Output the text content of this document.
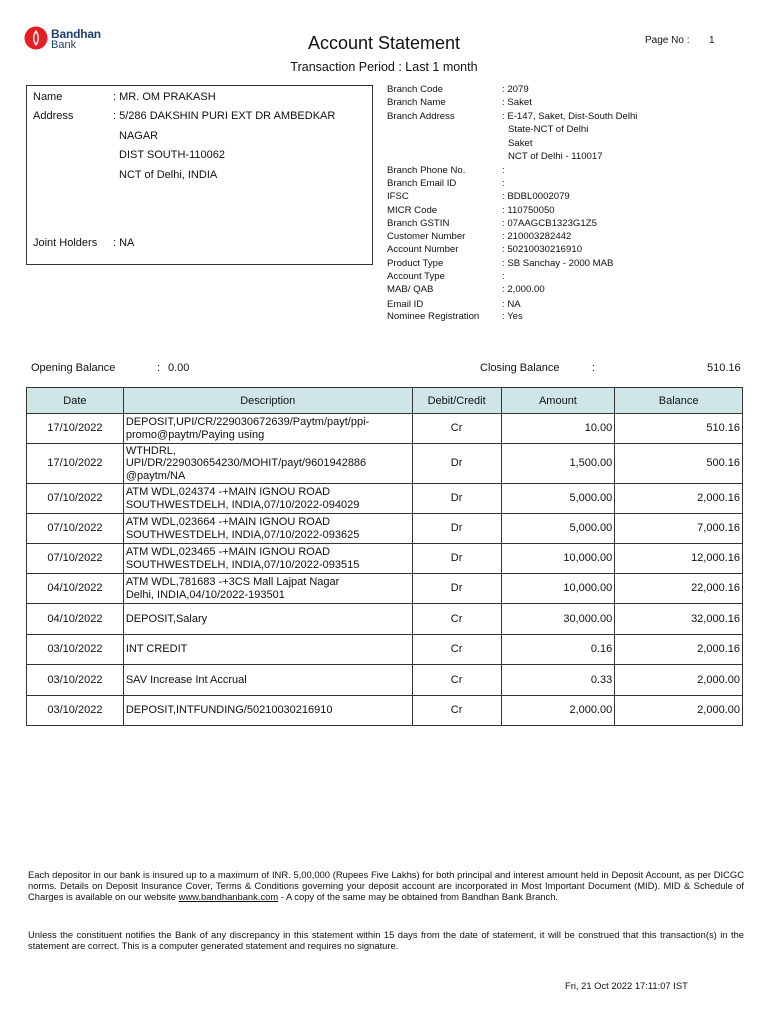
Bandhan
Bank	Account Statement
Transaction Period : Last 1 month
Page No : 1
Name	: MR. OM PRAKASH
Address	: 5/286 DAKSHIN PURI EXT DR AMBEDKAR
NAGAR
DIST SOUTH-110062
NCT of Delhi, INDIA
Joint Holders	: NA
Branch Code	: 2079
Branch Name	: Saket
Branch Address	: E-147, Saket, Dist-South Delhi
State-NCT of Delhi
Saket
NCT of Delhi - 110017
Branch Phone No.	:
Branch Email ID	:
IFSC	: BDBL0002079
MICR Code	: 110750050
Branch GSTIN	: 07AAGCB1323G1Z5
Customer Number	: 210003282442
Account Number	: 50210030216910
Product Type	: SB Sanchay - 2000 MAB
Account Type	:
MAB/ QAB	: 2,000.00
Email ID	: NA
Nominee Registration	: Yes
Opening Balance	: 0.00	Closing Balance	:	510.16
Date	Description	Debit/Credit	Amount	Balance
17/10/2022	DEPOSIT,UPI/CR/229030672639/Paytm/payt/ppi-
promo@paytm/Paying using	Cr	10.00	510.16
17/10/2022	WTHDRL,
UPI/DR/229030654230/MOHIT/payt/9601942886
@paytm/NA	Dr	1,500.00	500.16
07/10/2022	ATM WDL,024374 -+MAIN IGNOU ROAD
SOUTHWESTDELH, INDIA,07/10/2022-094029	Dr	5,000.00	2,000.16
07/10/2022	ATM WDL,023664 -+MAIN IGNOU ROAD
SOUTHWESTDELH, INDIA,07/10/2022-093625	Dr	5,000.00	7,000.16
07/10/2022	ATM WDL,023465 -+MAIN IGNOU ROAD
SOUTHWESTDELH, INDIA,07/10/2022-093515	Dr	10,000.00	12,000.16
04/10/2022	ATM WDL,781683 -+3CS Mall Lajpat Nagar
Delhi, INDIA,04/10/2022-193501	Dr	10,000.00	22,000.16
04/10/2022	DEPOSIT,Salary	Cr	30,000.00	32,000.16
03/10/2022	INT CREDIT	Cr	0.16	2,000.16
03/10/2022	SAV Increase Int Accrual	Cr	0.33	2,000.00
03/10/2022	DEPOSIT,INTFUNDING/50210030216910	Cr	2,000.00	2,000.00
Each depositor in our bank is insured up to a maximum of INR. 5,00,000 (Rupees Five Lakhs) for both principal and interest amount held in Deposit Account, as per DICGC norms. Details on Deposit Insurance Cover, Terms & Conditions governing your deposit account are incorporated in Most Important Document (MID). MID & Schedule of Charges is available on our website www.bandhanbank.com - A copy of the same may be obtained from Bandhan Bank Branch.
Unless the constituent notifies the Bank of any discrepancy in this statement within 15 days from the date of statement, it will be construed that this transaction(s) in the statement are correct. This is a computer generated statement and requires no signature.
Fri, 21 Oct 2022 17:11:07 IST
